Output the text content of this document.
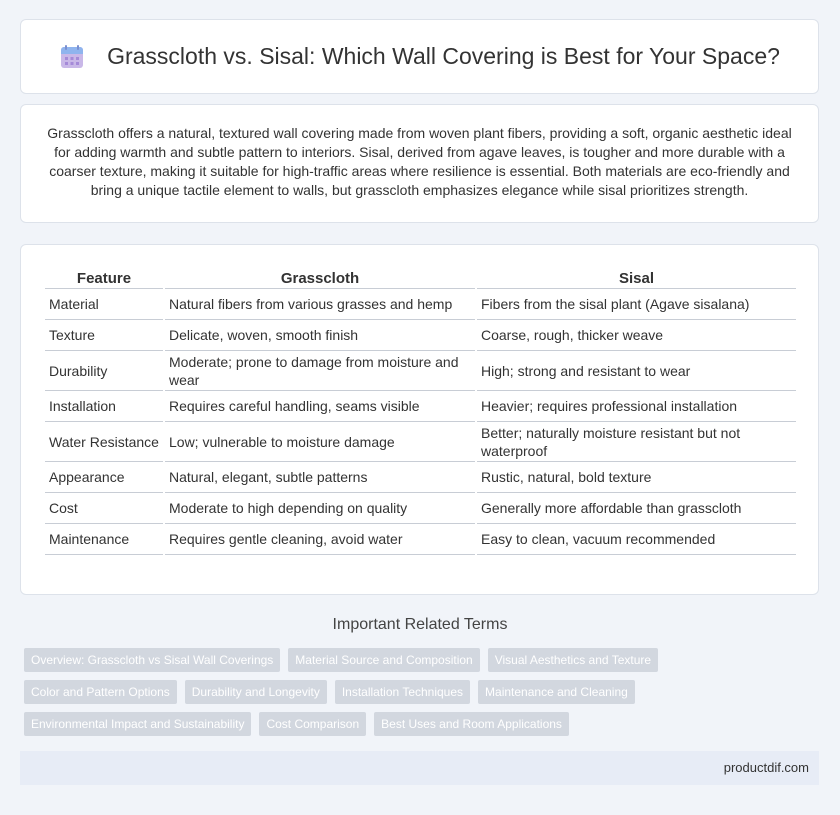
Grasscloth vs. Sisal: Which Wall Covering is Best for Your Space?

Grasscloth offers a natural, textured wall covering made from woven plant fibers, providing a soft, organic aesthetic ideal for adding warmth and subtle pattern to interiors. Sisal, derived from agave leaves, is tougher and more durable with a coarser texture, making it suitable for high-traffic areas where resilience is essential. Both materials are eco-friendly and bring a unique tactile element to walls, but grasscloth emphasizes elegance while sisal prioritizes strength.

Feature	Grasscloth	Sisal
Material	Natural fibers from various grasses and hemp	Fibers from the sisal plant (Agave sisalana)
Texture	Delicate, woven, smooth finish	Coarse, rough, thicker weave
Durability	Moderate; prone to damage from moisture and wear	High; strong and resistant to wear
Installation	Requires careful handling, seams visible	Heavier; requires professional installation
Water Resistance	Low; vulnerable to moisture damage	Better; naturally moisture resistant but not waterproof
Appearance	Natural, elegant, subtle patterns	Rustic, natural, bold texture
Cost	Moderate to high depending on quality	Generally more affordable than grasscloth
Maintenance	Requires gentle cleaning, avoid water	Easy to clean, vacuum recommended
Important Related Terms
Overview: Grasscloth vs Sisal Wall Coverings	Material Source and Composition	Visual Aesthetics and Texture
Color and Pattern Options	Durability and Longevity	Installation Techniques	Maintenance and Cleaning
Environmental Impact and Sustainability	Cost Comparison	Best Uses and Room Applications
productdif.com
